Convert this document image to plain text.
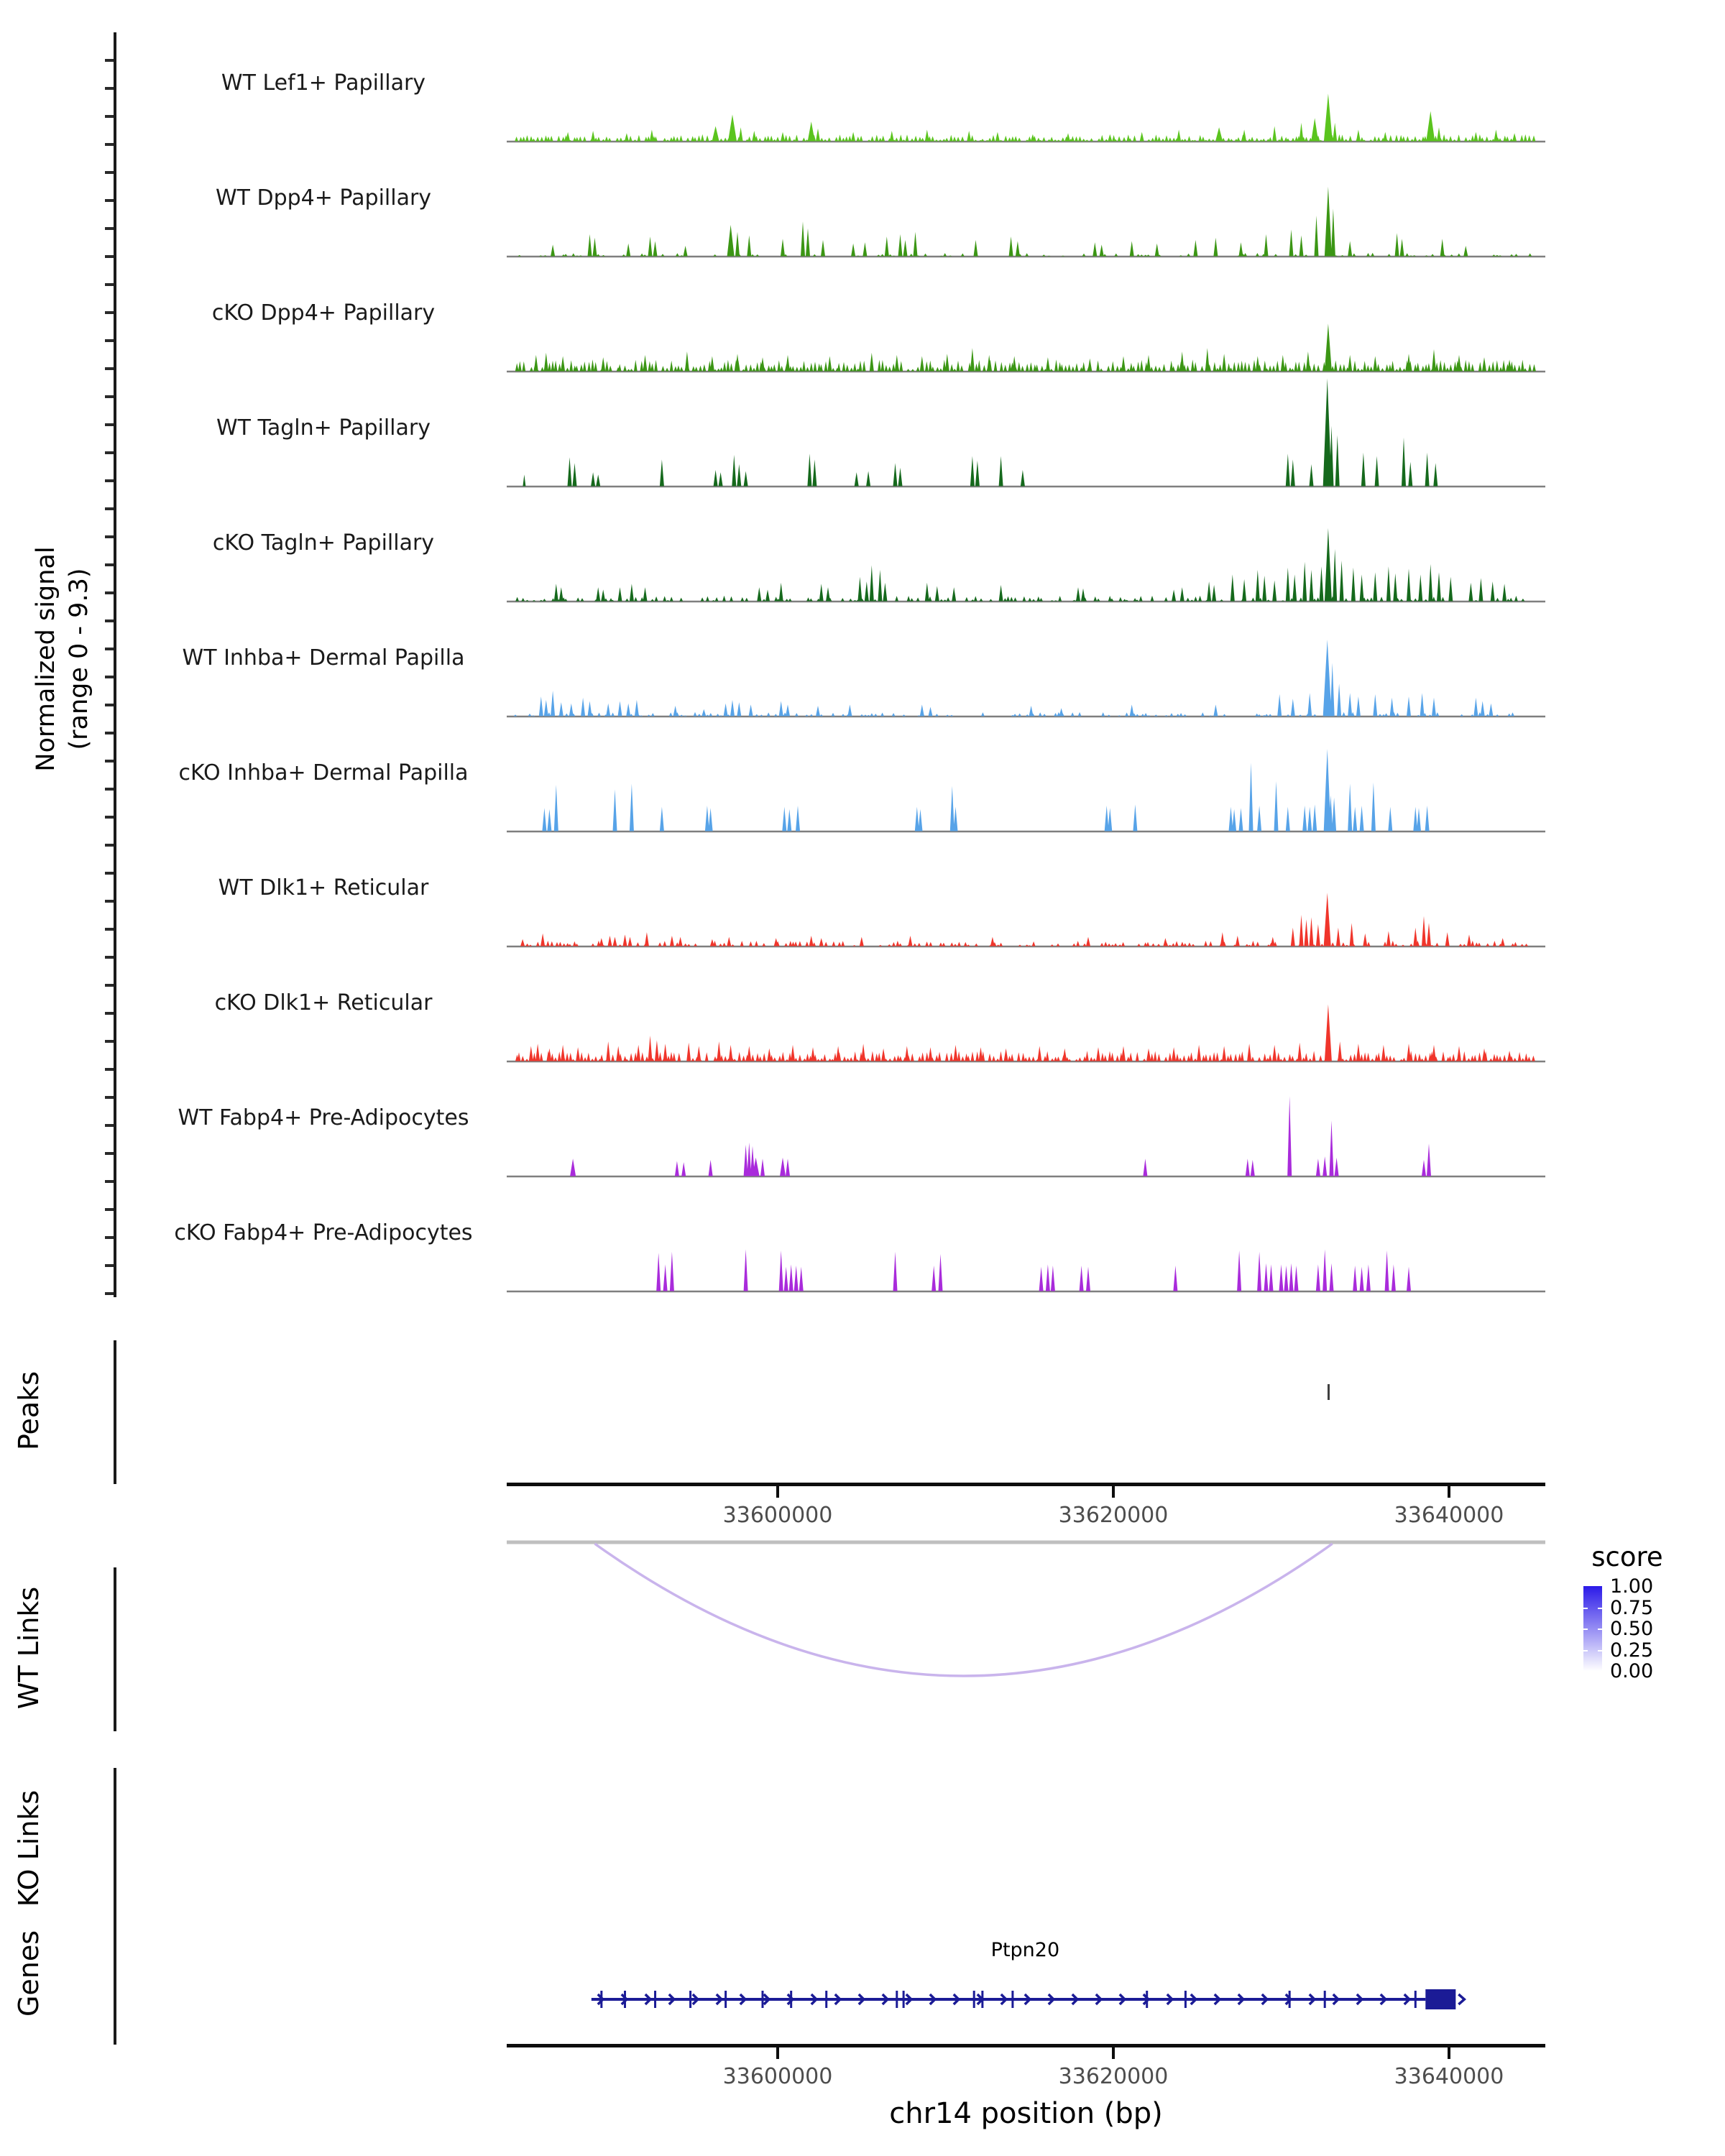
Normalized signal (range 0 - 9.3)
WT Lef1+ Papillary
WT Dpp4+ Papillary
cKO Dpp4+ Papillary
WT Tagln+ Papillary
cKO Tagln+ Papillary
WT Inhba+ Dermal Papilla
cKO Inhba+ Dermal Papilla
WT Dlk1+ Reticular
cKO Dlk1+ Reticular
WT Fabp4+ Pre-Adipocytes
cKO Fabp4+ Pre-Adipocytes
Peaks
33600000	33620000	33640000
WT Links
score
1.00
0.75
0.50
0.25
0.00
KO Links
Genes	Ptpn20
33600000	33620000	33640000
chr14 position (bp)
